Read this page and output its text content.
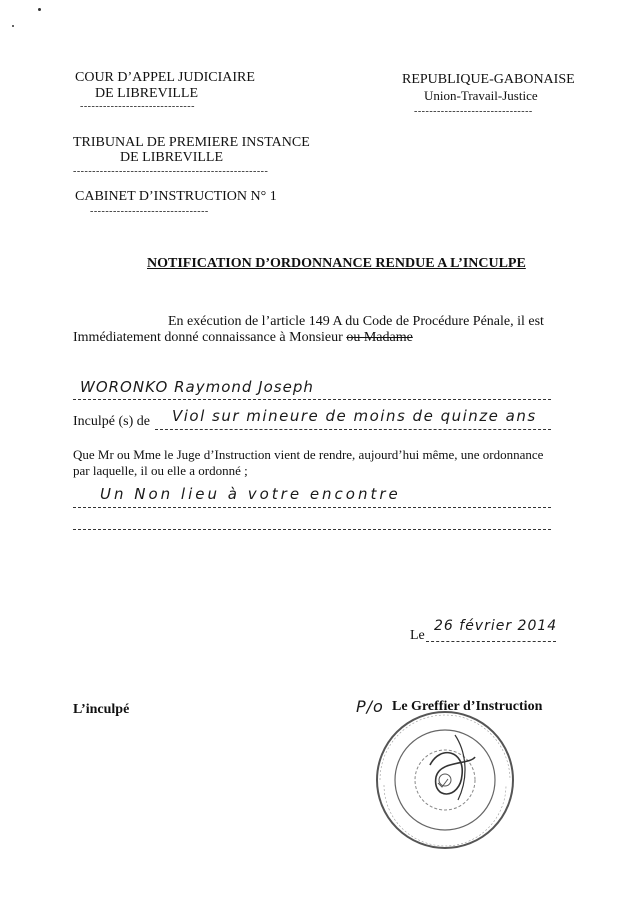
COUR D’APPEL JUDICIAIRE
DE LIBREVILLE
------------------------------
TRIBUNAL DE PREMIERE INSTANCE
DE LIBREVILLE
---------------------------------------------------
CABINET D’INSTRUCTION N° 1
-------------------------------
REPUBLIQUE-GABONAISE
Union-Travail-Justice
-------------------------------
NOTIFICATION D’ORDONNANCE RENDUE A L’INCULPE
En exécution de l’article 149 A du Code de Procédure Pénale, il est
Immédiatement donné connaissance à Monsieur ou Madame
WORONKO Raymond Joseph
Inculpé (s) de Viol sur mineure de moins de quinze ans
Que Mr ou Mme le Juge d’Instruction vient de rendre, aujourd’hui même, une ordonnance
par laquelle, il ou elle a ordonné ;
Un Non lieu à votre encontre
Le
26 février 2014
L’inculpé	P/o Le Greffier d’Instruction
